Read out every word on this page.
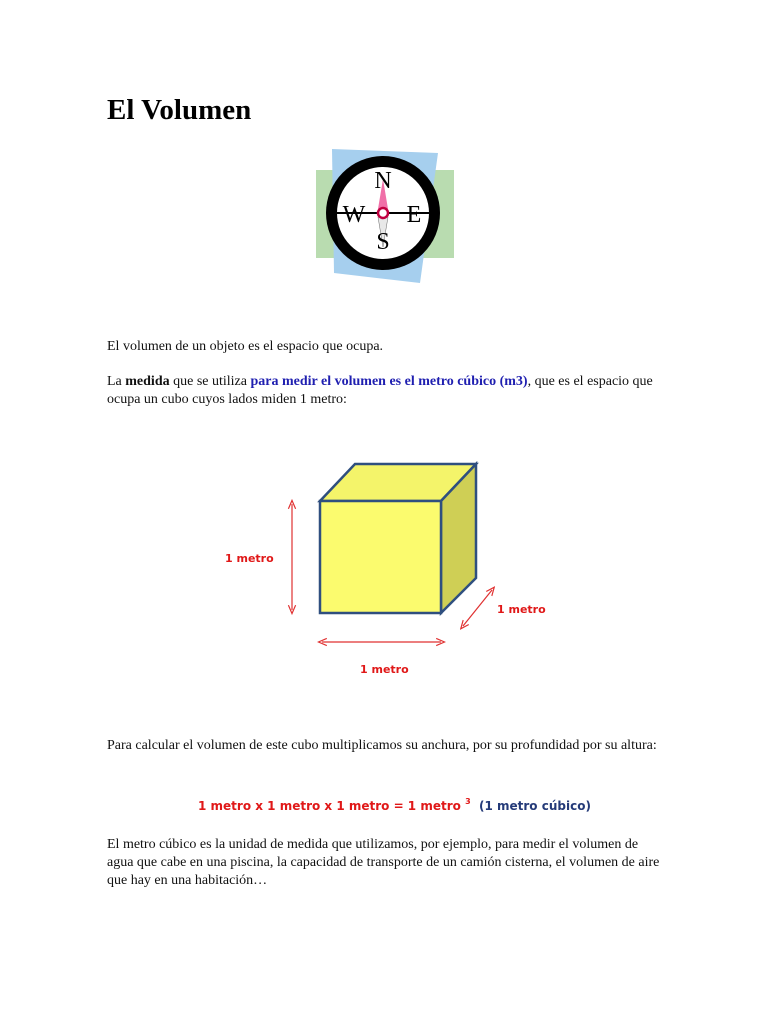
El Volumen
N
S
W E

El volumen de un objeto es el espacio que ocupa.

La medida que se utiliza para medir el volumen es el metro cúbico (m3), que es el espacio que ocupa un cubo cuyos lados miden 1 metro:

1 metro
1 metro
1 metro

Para calcular el volumen de este cubo multiplicamos su anchura, por su profundidad por su altura:

1 metro x 1 metro x 1 metro = 1 metro $^3$ (1 metro cúbico)

El metro cúbico es la unidad de medida que utilizamos, por ejemplo, para medir el volumen de agua que cabe en una piscina, la capacidad de transporte de un camión cisterna, el volumen de aire que hay en una habitación…
